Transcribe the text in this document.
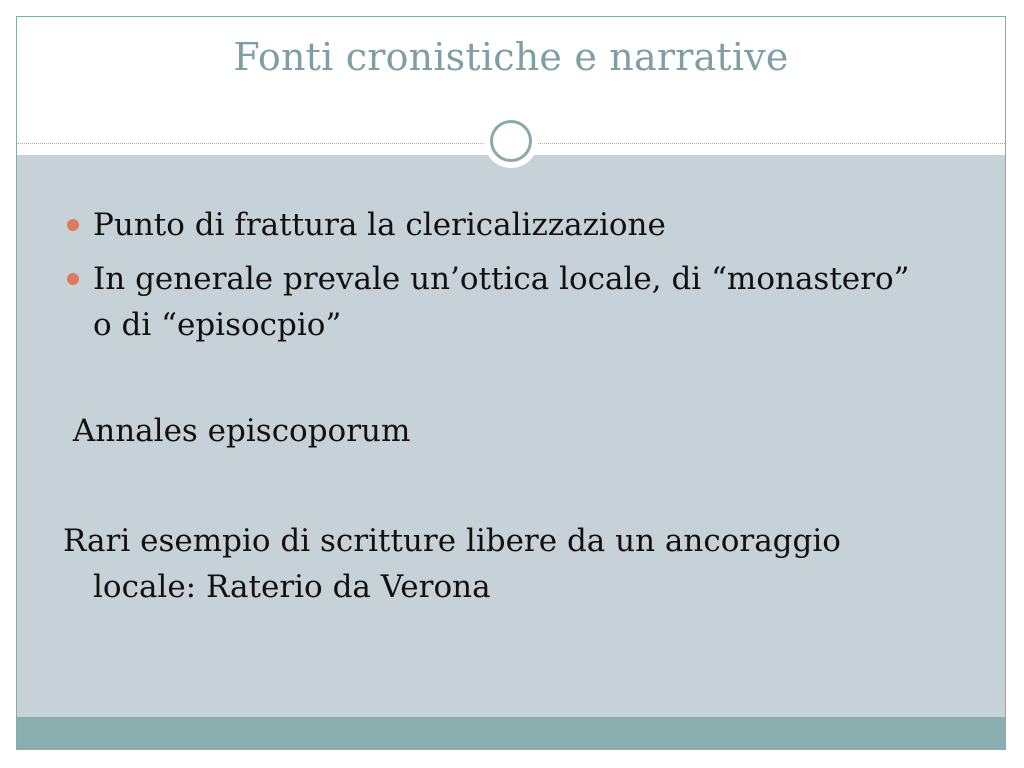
Fonti cronistiche e narrative
Punto di frattura la clericalizzazione
In generale prevale un’ottica locale, di “monastero”
o di “episocpio”
Annales episcoporum
Rari esempio di scritture libere da un ancoraggio
locale: Raterio da Verona
